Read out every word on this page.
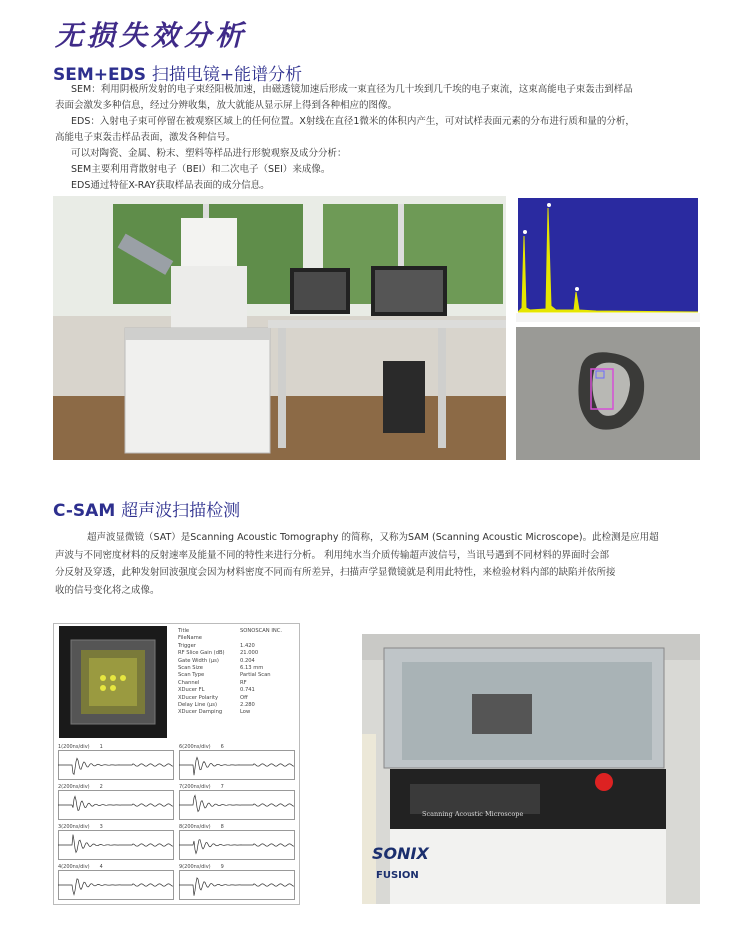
无损失效分析
SEM+EDS 扫描电镜+能谱分析
SEM：利用阴极所发射的电子束经阳极加速，由磁透镜加速后形成一束直径为几十埃到几千埃的电子束流，这束高能电子束轰击到样品
表面会激发多种信息，经过分辨收集，放大就能从显示屏上得到各种相应的图像。
EDS：入射电子束可停留在被观察区域上的任何位置。X射线在直径1微米的体积内产生，可对试样表面元素的分布进行质和量的分析，
高能电子束轰击样品表面，激发各种信号。
可以对陶瓷、金属、粉末、塑料等样品进行形貌观察及成分分析：
SEM主要利用背散射电子（BEI）和二次电子（SEI）来成像。
EDS通过特征X-RAY获取样品表面的成分信息。
C-SAM 超声波扫描检测
超声波显微镜（SAT）是Scanning Acoustic Tomography 的简称，又称为SAM (Scanning Acoustic Microscope)。此检测是应用超
声波与不同密度材料的反射速率及能量不同的特性来进行分析。 利用纯水当介质传输超声波信号，当讯号遇到不同材料的界面时会部
分反射及穿透，此种发射回波强度会因为材料密度不同而有所差异，扫描声学显微镜就是利用此特性，来检验材料内部的缺陷并依所接
收的信号变化将之成像。
Title	SONOSCAN INC.
FileName
Trigger	1.420
RF Slice Gain (dB)	21.000
Gate Width (µs)	0.204
Scan Size	6.13 mm
Scan Type	Partial Scan
Channel	RF
XDucer FL	0.741
XDucer Polarity	Off
Delay Line (µs)	2.280
XDucer Damping	Low
1(200ns/div) 1	6(200ns/div) 6
2(200ns/div) 2	7(200ns/div) 7
3(200ns/div) 3	8(200ns/div) 8
4(200ns/div) 4	9(200ns/div) 9
Scanning Acoustic Microscope
SONIX
FUSION
